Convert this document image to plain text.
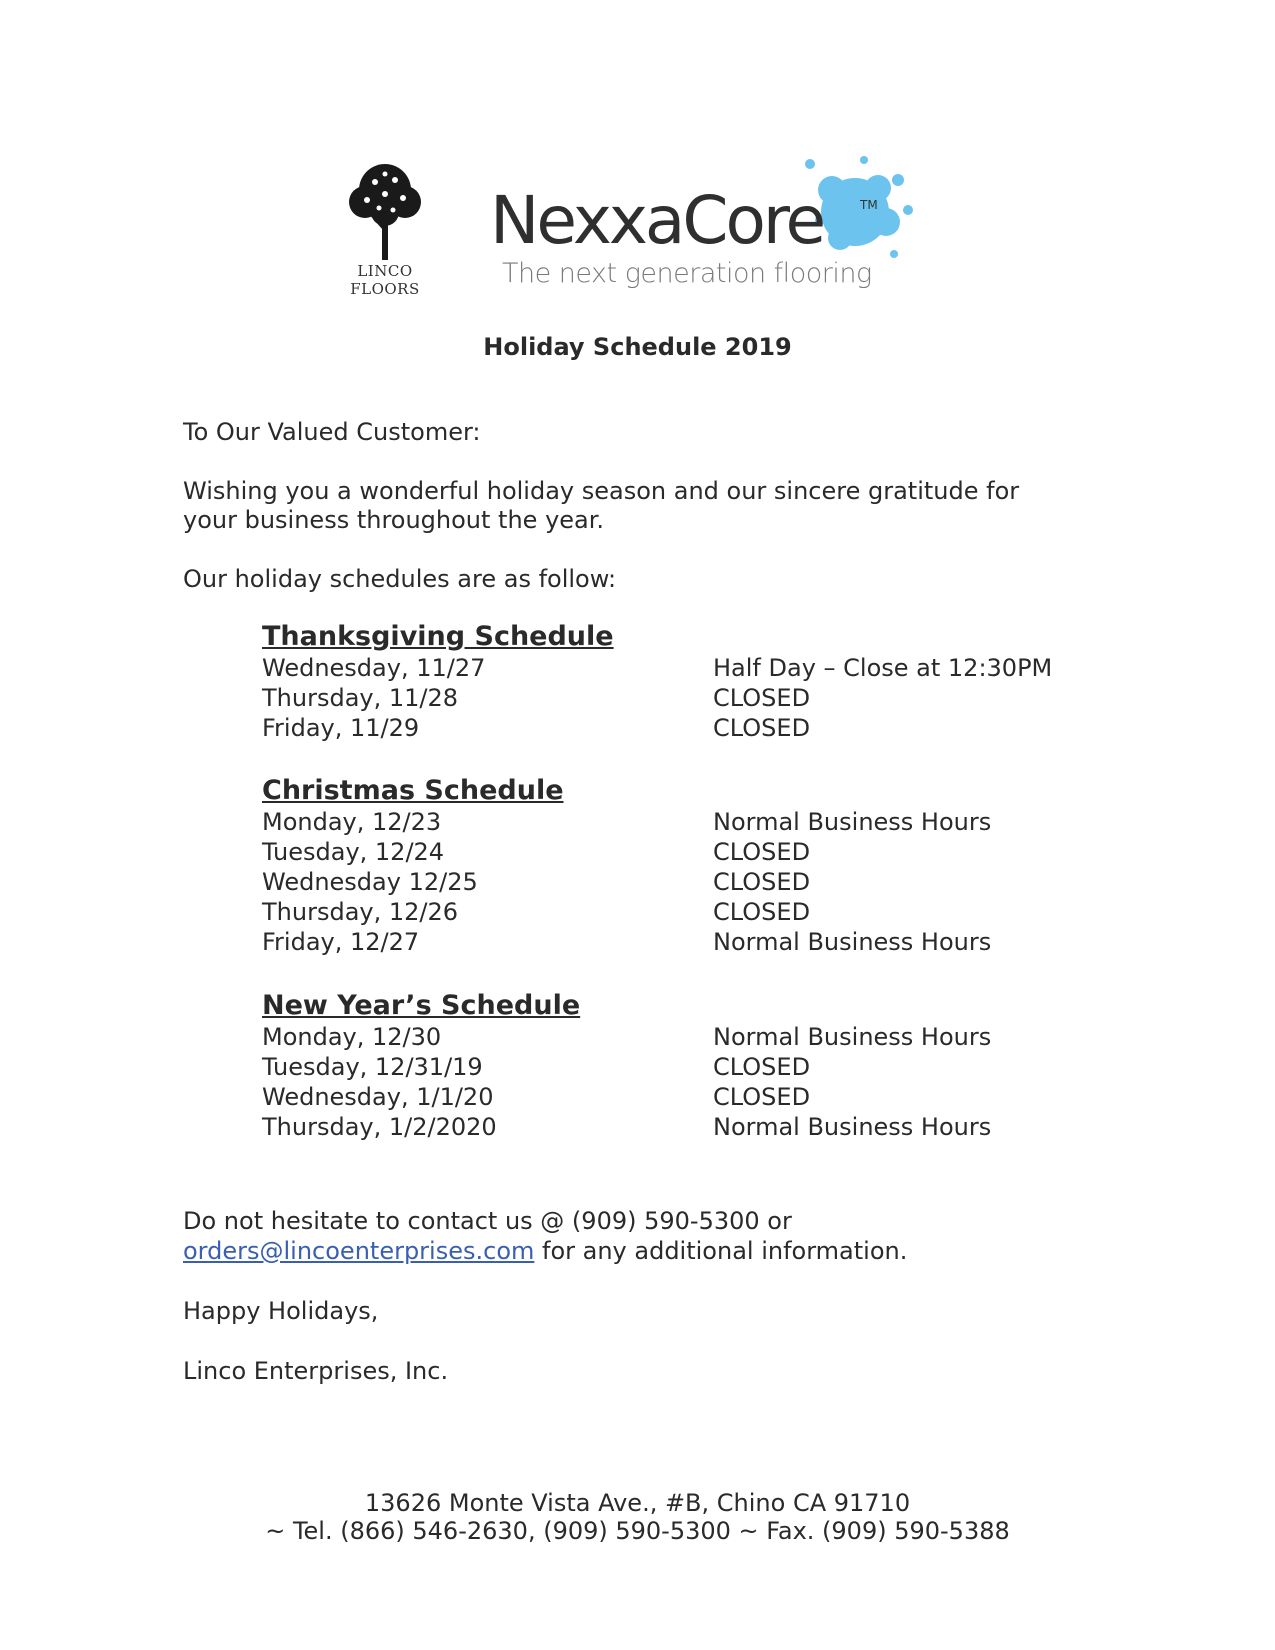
LINCO FLOORS
NexxaCore	TM
The next generation flooring
Holiday Schedule 2019
To Our Valued Customer:
Wishing you a wonderful holiday season and our sincere gratitude for
your business throughout the year.
Our holiday schedules are as follow:
Thanksgiving Schedule
Wednesday, 11/27	Half Day – Close at 12:30PM
Thursday, 11/28	CLOSED
Friday, 11/29	CLOSED
Christmas Schedule
Monday, 12/23	Normal Business Hours
Tuesday, 12/24	CLOSED
Wednesday 12/25	CLOSED
Thursday, 12/26	CLOSED
Friday, 12/27	Normal Business Hours
New Year’s Schedule
Monday, 12/30	Normal Business Hours
Tuesday, 12/31/19	CLOSED
Wednesday, 1/1/20	CLOSED
Thursday, 1/2/2020	Normal Business Hours
Do not hesitate to contact us @ (909) 590-5300 or
orders@lincoenterprises.com for any additional information.
Happy Holidays,
Linco Enterprises, Inc.
13626 Monte Vista Ave., #B, Chino CA 91710
~ Tel. (866) 546-2630, (909) 590-5300 ~ Fax. (909) 590-5388
